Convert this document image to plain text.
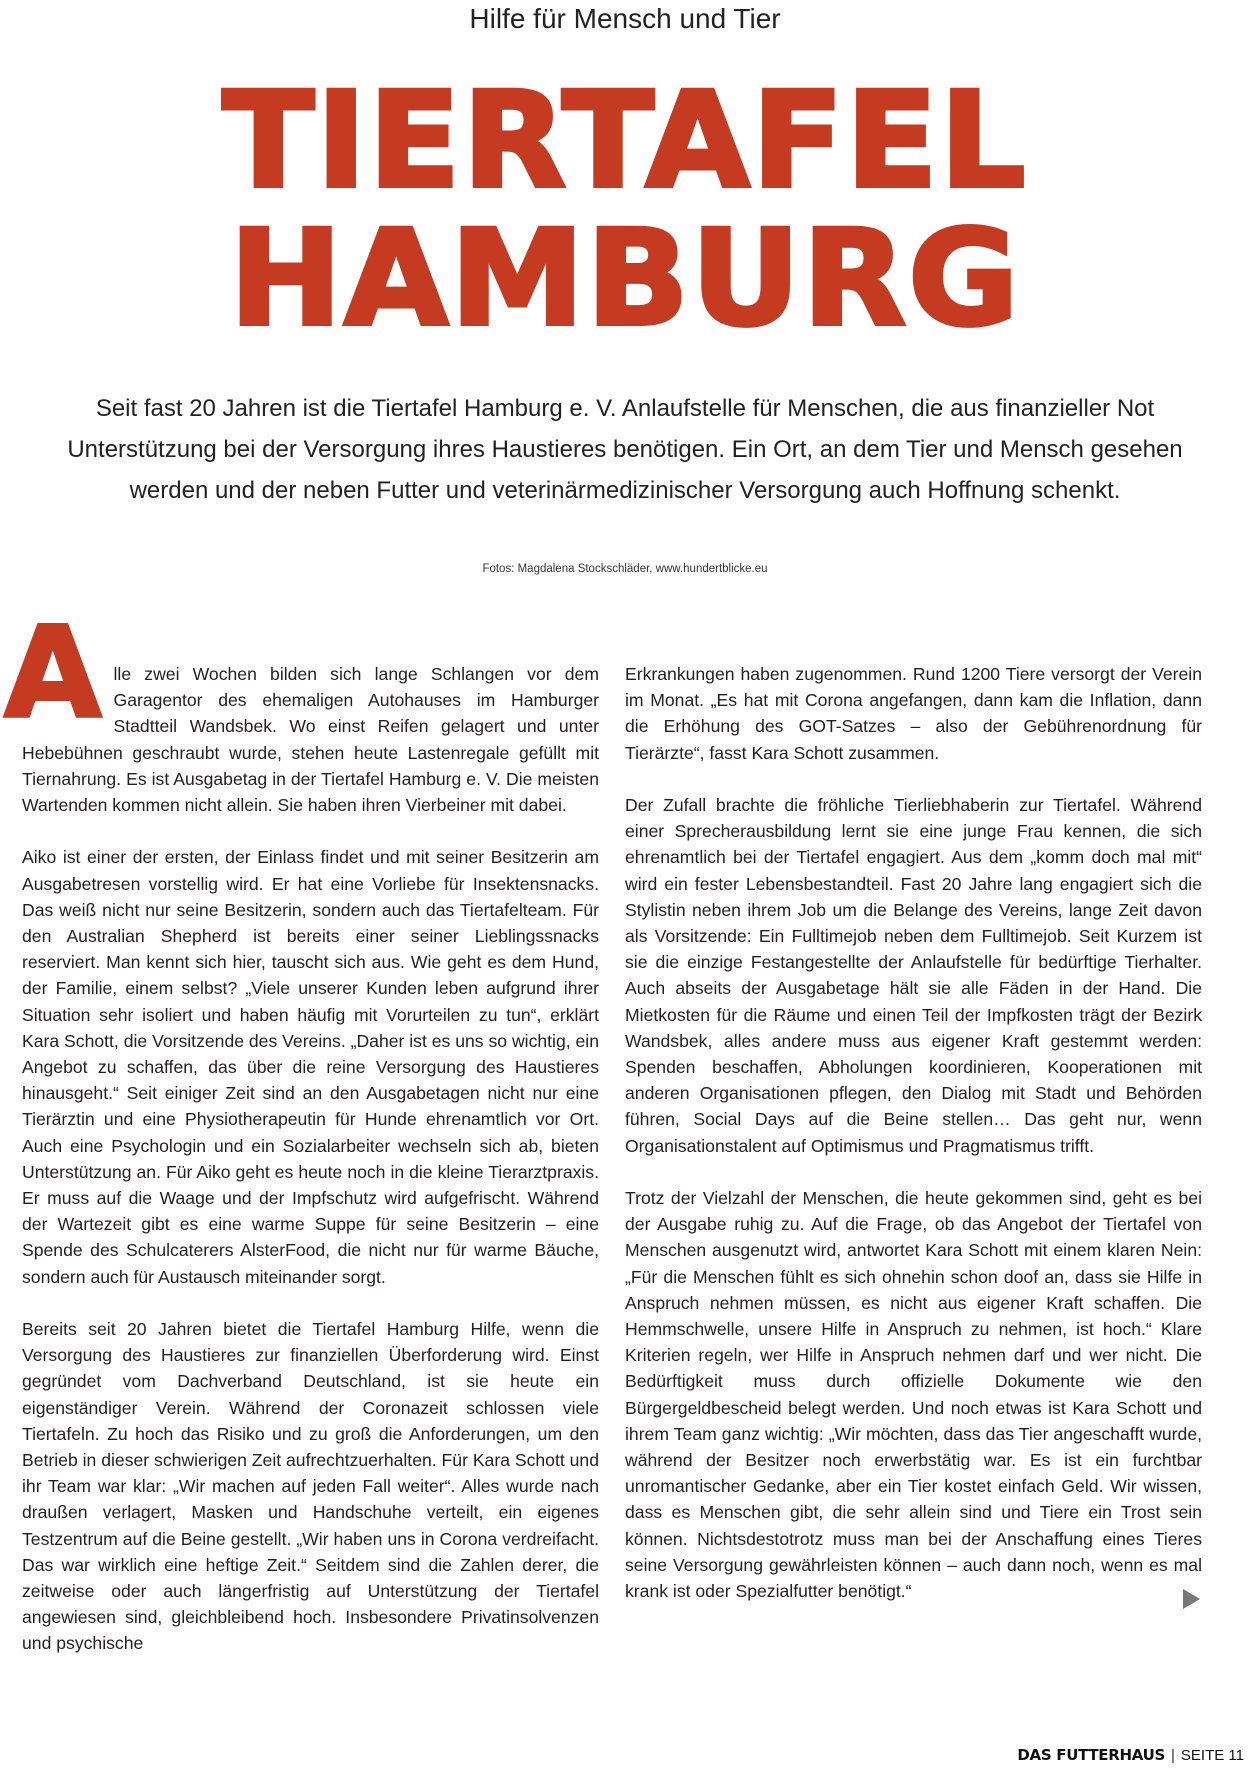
Hilfe für Mensch und Tier
TIERTAFEL
HAMBURG
Seit fast 20 Jahren ist die Tiertafel Hamburg e. V. Anlaufstelle für Menschen, die aus finanzieller Not Unterstützung bei der Versorgung ihres Haustieres benötigen. Ein Ort, an dem Tier und Mensch gesehen werden und der neben Futter und veterinärmedizinischer Versorgung auch Hoffnung schenkt.
Fotos: Magdalena Stockschläder, www.hundertblicke.eu

Alle zwei Wochen bilden sich lange Schlangen vor dem Garagentor des ehemaligen Autohauses im Hamburger Stadtteil Wandsbek. Wo einst Reifen gelagert und unter Hebebühnen geschraubt wurde, stehen heute Lastenregale gefüllt mit Tiernahrung. Es ist Ausgabetag in der Tiertafel Hamburg e. V. Die meisten Wartenden kommen nicht allein. Sie haben ihren Vierbeiner mit dabei.

Aiko ist einer der ersten, der Einlass findet und mit seiner Besitzerin am Ausgabetresen vorstellig wird. Er hat eine Vorliebe für Insektensnacks. Das weiß nicht nur seine Besitzerin, sondern auch das Tiertafelteam. Für den Australian Shepherd ist bereits einer seiner Lieblingssnacks reserviert. Man kennt sich hier, tauscht sich aus. Wie geht es dem Hund, der Familie, einem selbst? „Viele unserer Kunden leben aufgrund ihrer Situation sehr isoliert und haben häufig mit Vorurteilen zu tun“, erklärt Kara Schott, die Vorsitzende des Vereins. „Daher ist es uns so wichtig, ein Angebot zu schaffen, das über die reine Versorgung des Haustieres hinausgeht.“ Seit einiger Zeit sind an den Ausgabetagen nicht nur eine Tierärztin und eine Physiotherapeutin für Hunde ehrenamtlich vor Ort. Auch eine Psychologin und ein Sozialarbeiter wechseln sich ab, bieten Unterstützung an. Für Aiko geht es heute noch in die kleine Tierarztpraxis. Er muss auf die Waage und der Impfschutz wird aufgefrischt. Während der Wartezeit gibt es eine warme Suppe für seine Besitzerin – eine Spende des Schulcaterers AlsterFood, die nicht nur für warme Bäuche, sondern auch für Austausch miteinander sorgt.

Bereits seit 20 Jahren bietet die Tiertafel Hamburg Hilfe, wenn die Versorgung des Haustieres zur finanziellen Überforderung wird. Einst gegründet vom Dachverband Deutschland, ist sie heute ein eigenständiger Verein. Während der Coronazeit schlossen viele Tiertafeln. Zu hoch das Risiko und zu groß die Anforderungen, um den Betrieb in dieser schwierigen Zeit aufrechtzuerhalten. Für Kara Schott und ihr Team war klar: „Wir machen auf jeden Fall weiter“. Alles wurde nach draußen verlagert, Masken und Handschuhe verteilt, ein eigenes Testzentrum auf die Beine gestellt. „Wir haben uns in Corona verdreifacht. Das war wirklich eine heftige Zeit.“ Seitdem sind die Zahlen derer, die zeitweise oder auch längerfristig auf Unterstützung der Tiertafel angewiesen sind, gleichbleibend hoch. Insbesondere Privatinsolvenzen und psychische

Erkrankungen haben zugenommen. Rund 1200 Tiere versorgt der Verein im Monat. „Es hat mit Corona angefangen, dann kam die Inflation, dann die Erhöhung des GOT-Satzes – also der Gebührenordnung für Tierärzte“, fasst Kara Schott zusammen.

Der Zufall brachte die fröhliche Tierliebhaberin zur Tiertafel. Während einer Sprecherausbildung lernt sie eine junge Frau kennen, die sich ehrenamtlich bei der Tiertafel engagiert. Aus dem „komm doch mal mit“ wird ein fester Lebensbestandteil. Fast 20 Jahre lang engagiert sich die Stylistin neben ihrem Job um die Belange des Vereins, lange Zeit davon als Vorsitzende: Ein Fulltimejob neben dem Fulltimejob. Seit Kurzem ist sie die einzige Festangestellte der Anlaufstelle für bedürftige Tierhalter. Auch abseits der Ausgabetage hält sie alle Fäden in der Hand. Die Mietkosten für die Räume und einen Teil der Impfkosten trägt der Bezirk Wandsbek, alles andere muss aus eigener Kraft gestemmt werden: Spenden beschaffen, Abholungen koordinieren, Kooperationen mit anderen Organisationen pflegen, den Dialog mit Stadt und Behörden führen, Social Days auf die Beine stellen… Das geht nur, wenn Organisationstalent auf Optimismus und Pragmatismus trifft.

Trotz der Vielzahl der Menschen, die heute gekommen sind, geht es bei der Ausgabe ruhig zu. Auf die Frage, ob das Angebot der Tiertafel von Menschen ausgenutzt wird, antwortet Kara Schott mit einem klaren Nein: „Für die Menschen fühlt es sich ohnehin schon doof an, dass sie Hilfe in Anspruch nehmen müssen, es nicht aus eigener Kraft schaffen. Die Hemmschwelle, unsere Hilfe in Anspruch zu nehmen, ist hoch.“ Klare Kriterien regeln, wer Hilfe in Anspruch nehmen darf und wer nicht. Die Bedürftigkeit muss durch offizielle Dokumente wie den Bürgergeldbescheid belegt werden. Und noch etwas ist Kara Schott und ihrem Team ganz wichtig: „Wir möchten, dass das Tier angeschafft wurde, während der Besitzer noch erwerbstätig war. Es ist ein furchtbar unromantischer Gedanke, aber ein Tier kostet einfach Geld. Wir wissen, dass es Menschen gibt, die sehr allein sind und Tiere ein Trost sein können. Nichtsdestotrotz muss man bei der Anschaffung eines Tieres seine Versorgung gewährleisten können – auch dann noch, wenn es mal krank ist oder Spezialfutter benötigt.“

DAS FUTTERHAUS | SEITE 11
